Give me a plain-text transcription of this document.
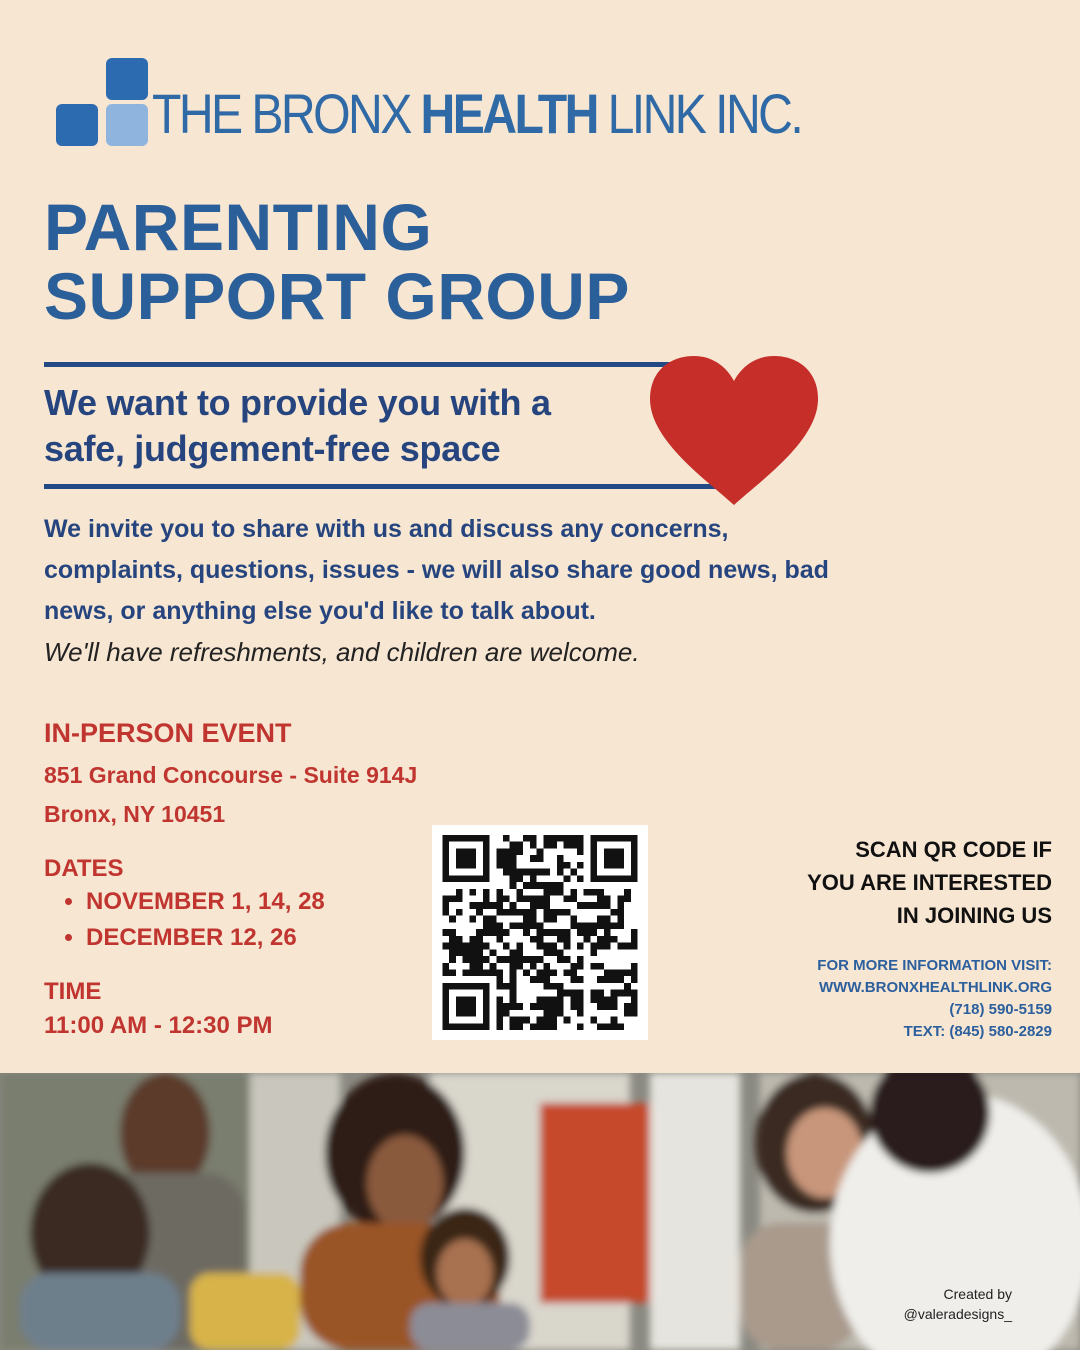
THE BRONX HEALTH LINK INC.
PARENTING
SUPPORT GROUP
We want to provide you with a
safe, judgement-free space
We invite you to share with us and discuss any concerns, complaints, questions, issues - we will also share good news, bad news, or anything else you'd like to talk about.
We'll have refreshments, and children are welcome.
IN-PERSON EVENT
851 Grand Concourse - Suite 914J
Bronx, NY 10451
DATES
• NOVEMBER 1, 14, 28
• DECEMBER 12, 26
TIME
11:00 AM - 12:30 PM
SCAN QR CODE IF
YOU ARE INTERESTED
IN JOINING US
FOR MORE INFORMATION VISIT:
WWW.BRONXHEALTHLINK.ORG
(718) 590-5159
TEXT: (845) 580-2829
Created by
@valeradesigns_
